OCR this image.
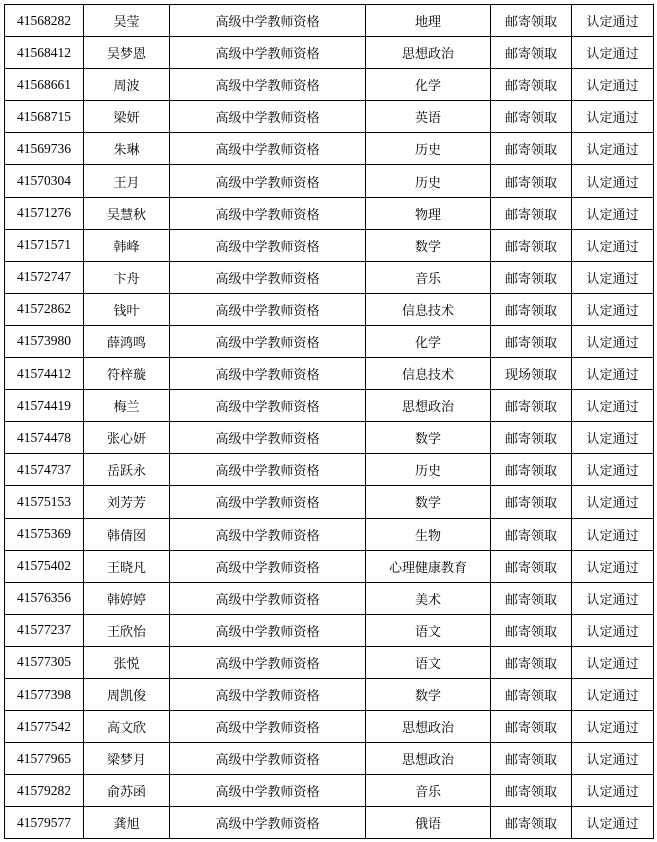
41568282	吴莹	高级中学教师资格	地理	邮寄领取	认定通过
41568412	吴梦恩	高级中学教师资格	思想政治	邮寄领取	认定通过
41568661	周波	高级中学教师资格	化学	邮寄领取	认定通过
41568715	梁妍	高级中学教师资格	英语	邮寄领取	认定通过
41569736	朱琳	高级中学教师资格	历史	邮寄领取	认定通过
41570304	王月	高级中学教师资格	历史	邮寄领取	认定通过
41571276	吴慧秋	高级中学教师资格	物理	邮寄领取	认定通过
41571571	韩峰	高级中学教师资格	数学	邮寄领取	认定通过
41572747	卞舟	高级中学教师资格	音乐	邮寄领取	认定通过
41572862	钱叶	高级中学教师资格	信息技术	邮寄领取	认定通过
41573980	薛鸿鸣	高级中学教师资格	化学	邮寄领取	认定通过
41574412	符梓璇	高级中学教师资格	信息技术	现场领取	认定通过
41574419	梅兰	高级中学教师资格	思想政治	邮寄领取	认定通过
41574478	张心妍	高级中学教师资格	数学	邮寄领取	认定通过
41574737	岳跃永	高级中学教师资格	历史	邮寄领取	认定通过
41575153	刘芳芳	高级中学教师资格	数学	邮寄领取	认定通过
41575369	韩倩囡	高级中学教师资格	生物	邮寄领取	认定通过
41575402	王晓凡	高级中学教师资格	心理健康教育	邮寄领取	认定通过
41576356	韩婷婷	高级中学教师资格	美术	邮寄领取	认定通过
41577237	王欣怡	高级中学教师资格	语文	邮寄领取	认定通过
41577305	张悦	高级中学教师资格	语文	邮寄领取	认定通过
41577398	周凯俊	高级中学教师资格	数学	邮寄领取	认定通过
41577542	高文欣	高级中学教师资格	思想政治	邮寄领取	认定通过
41577965	梁梦月	高级中学教师资格	思想政治	邮寄领取	认定通过
41579282	俞苏函	高级中学教师资格	音乐	邮寄领取	认定通过
41579577	龚旭	高级中学教师资格	俄语	邮寄领取	认定通过
